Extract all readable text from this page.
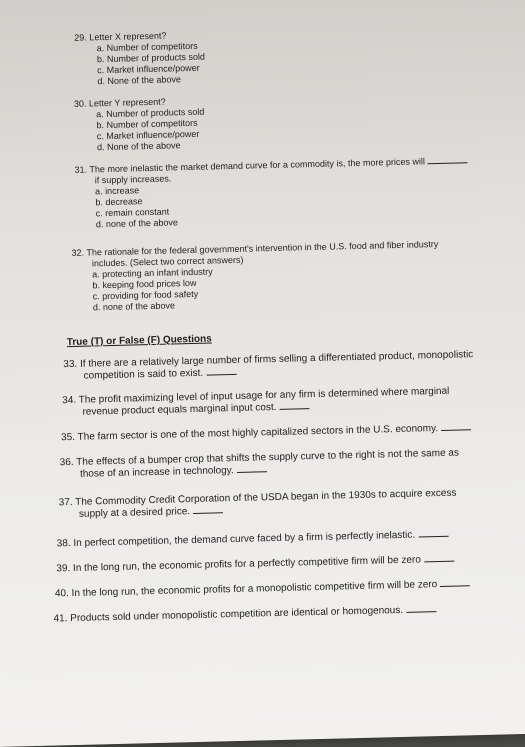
29. Letter X represent?
a. Number of competitors
b. Number of products sold
c. Market influence/power
d. None of the above
30. Letter Y represent?
a. Number of products sold
b. Number of competitors
c. Market influence/power
d. None of the above
31. The more inelastic the market demand curve for a commodity is, the more prices will
if supply increases.
a. increase
b. decrease
c. remain constant
d. none of the above
32. The rationale for the federal government's intervention in the U.S. food and fiber industry
includes. (Select two correct answers)
a. protecting an infant industry
b. keeping food prices low
c. providing for food safety
d. none of the above
True (T) or False (F) Questions
33. If there are a relatively large number of firms selling a differentiated product, monopolistic
competition is said to exist.
34. The profit maximizing level of input usage for any firm is determined where marginal
revenue product equals marginal input cost.
35. The farm sector is one of the most highly capitalized sectors in the U.S. economy.
36. The effects of a bumper crop that shifts the supply curve to the right is not the same as
those of an increase in technology.
37. The Commodity Credit Corporation of the USDA began in the 1930s to acquire excess
supply at a desired price.
38. In perfect competition, the demand curve faced by a firm is perfectly inelastic.
39. In the long run, the economic profits for a perfectly competitive firm will be zero
40. In the long run, the economic profits for a monopolistic competitive firm will be zero
41. Products sold under monopolistic competition are identical or homogenous.
